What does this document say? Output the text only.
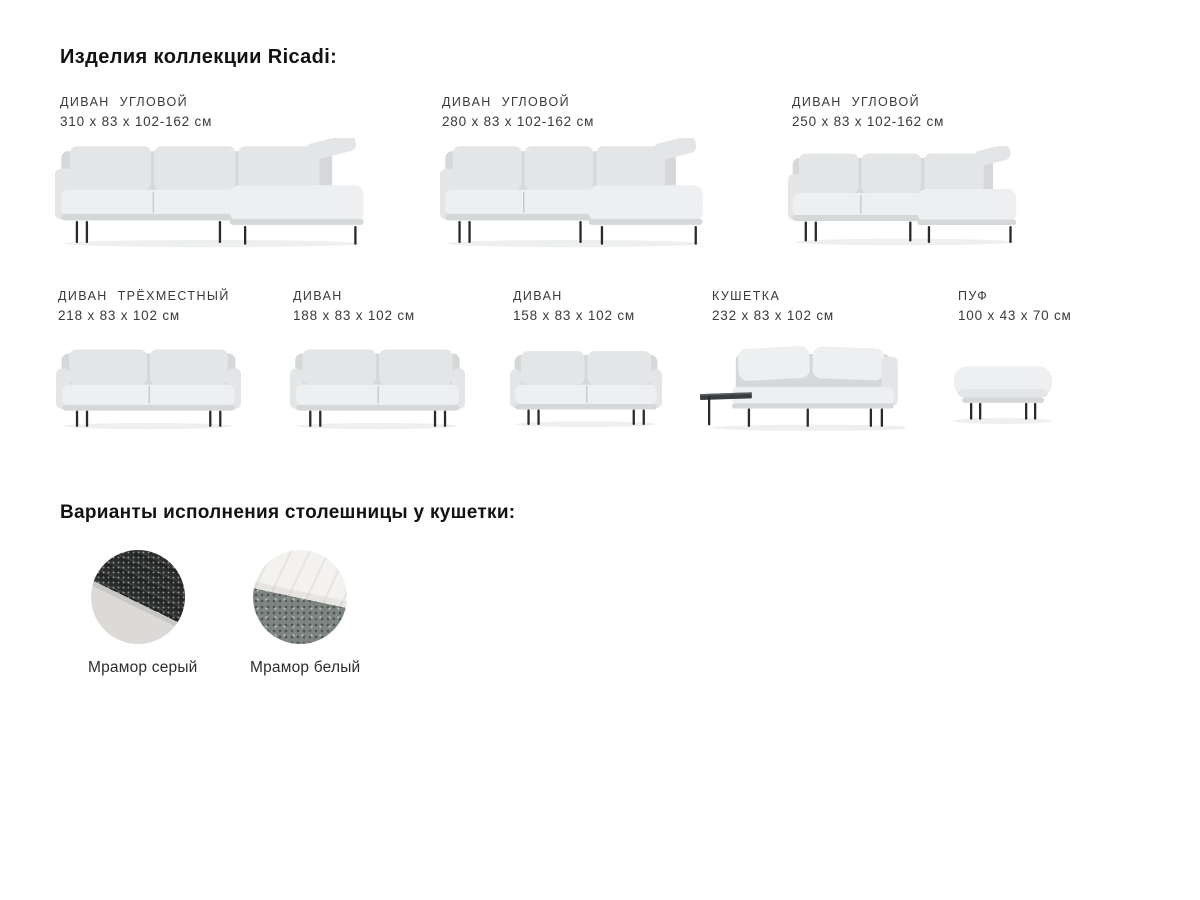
Изделия коллекции Ricadi:
ДИВАН УГЛОВОЙ
310 x 83 x 102-162 см
ДИВАН УГЛОВОЙ
280 x 83 x 102-162 см
ДИВАН УГЛОВОЙ
250 x 83 x 102-162 см
ДИВАН ТРЁХМЕСТНЫЙ
218 x 83 x 102 см
ДИВАН
188 x 83 x 102 см
ДИВАН
158 x 83 x 102 см
КУШЕТКА
232 x 83 x 102 см
ПУФ
100 x 43 x 70 см
Варианты исполнения столешницы у кушетки:
Мрамор серый	Мрамор белый
